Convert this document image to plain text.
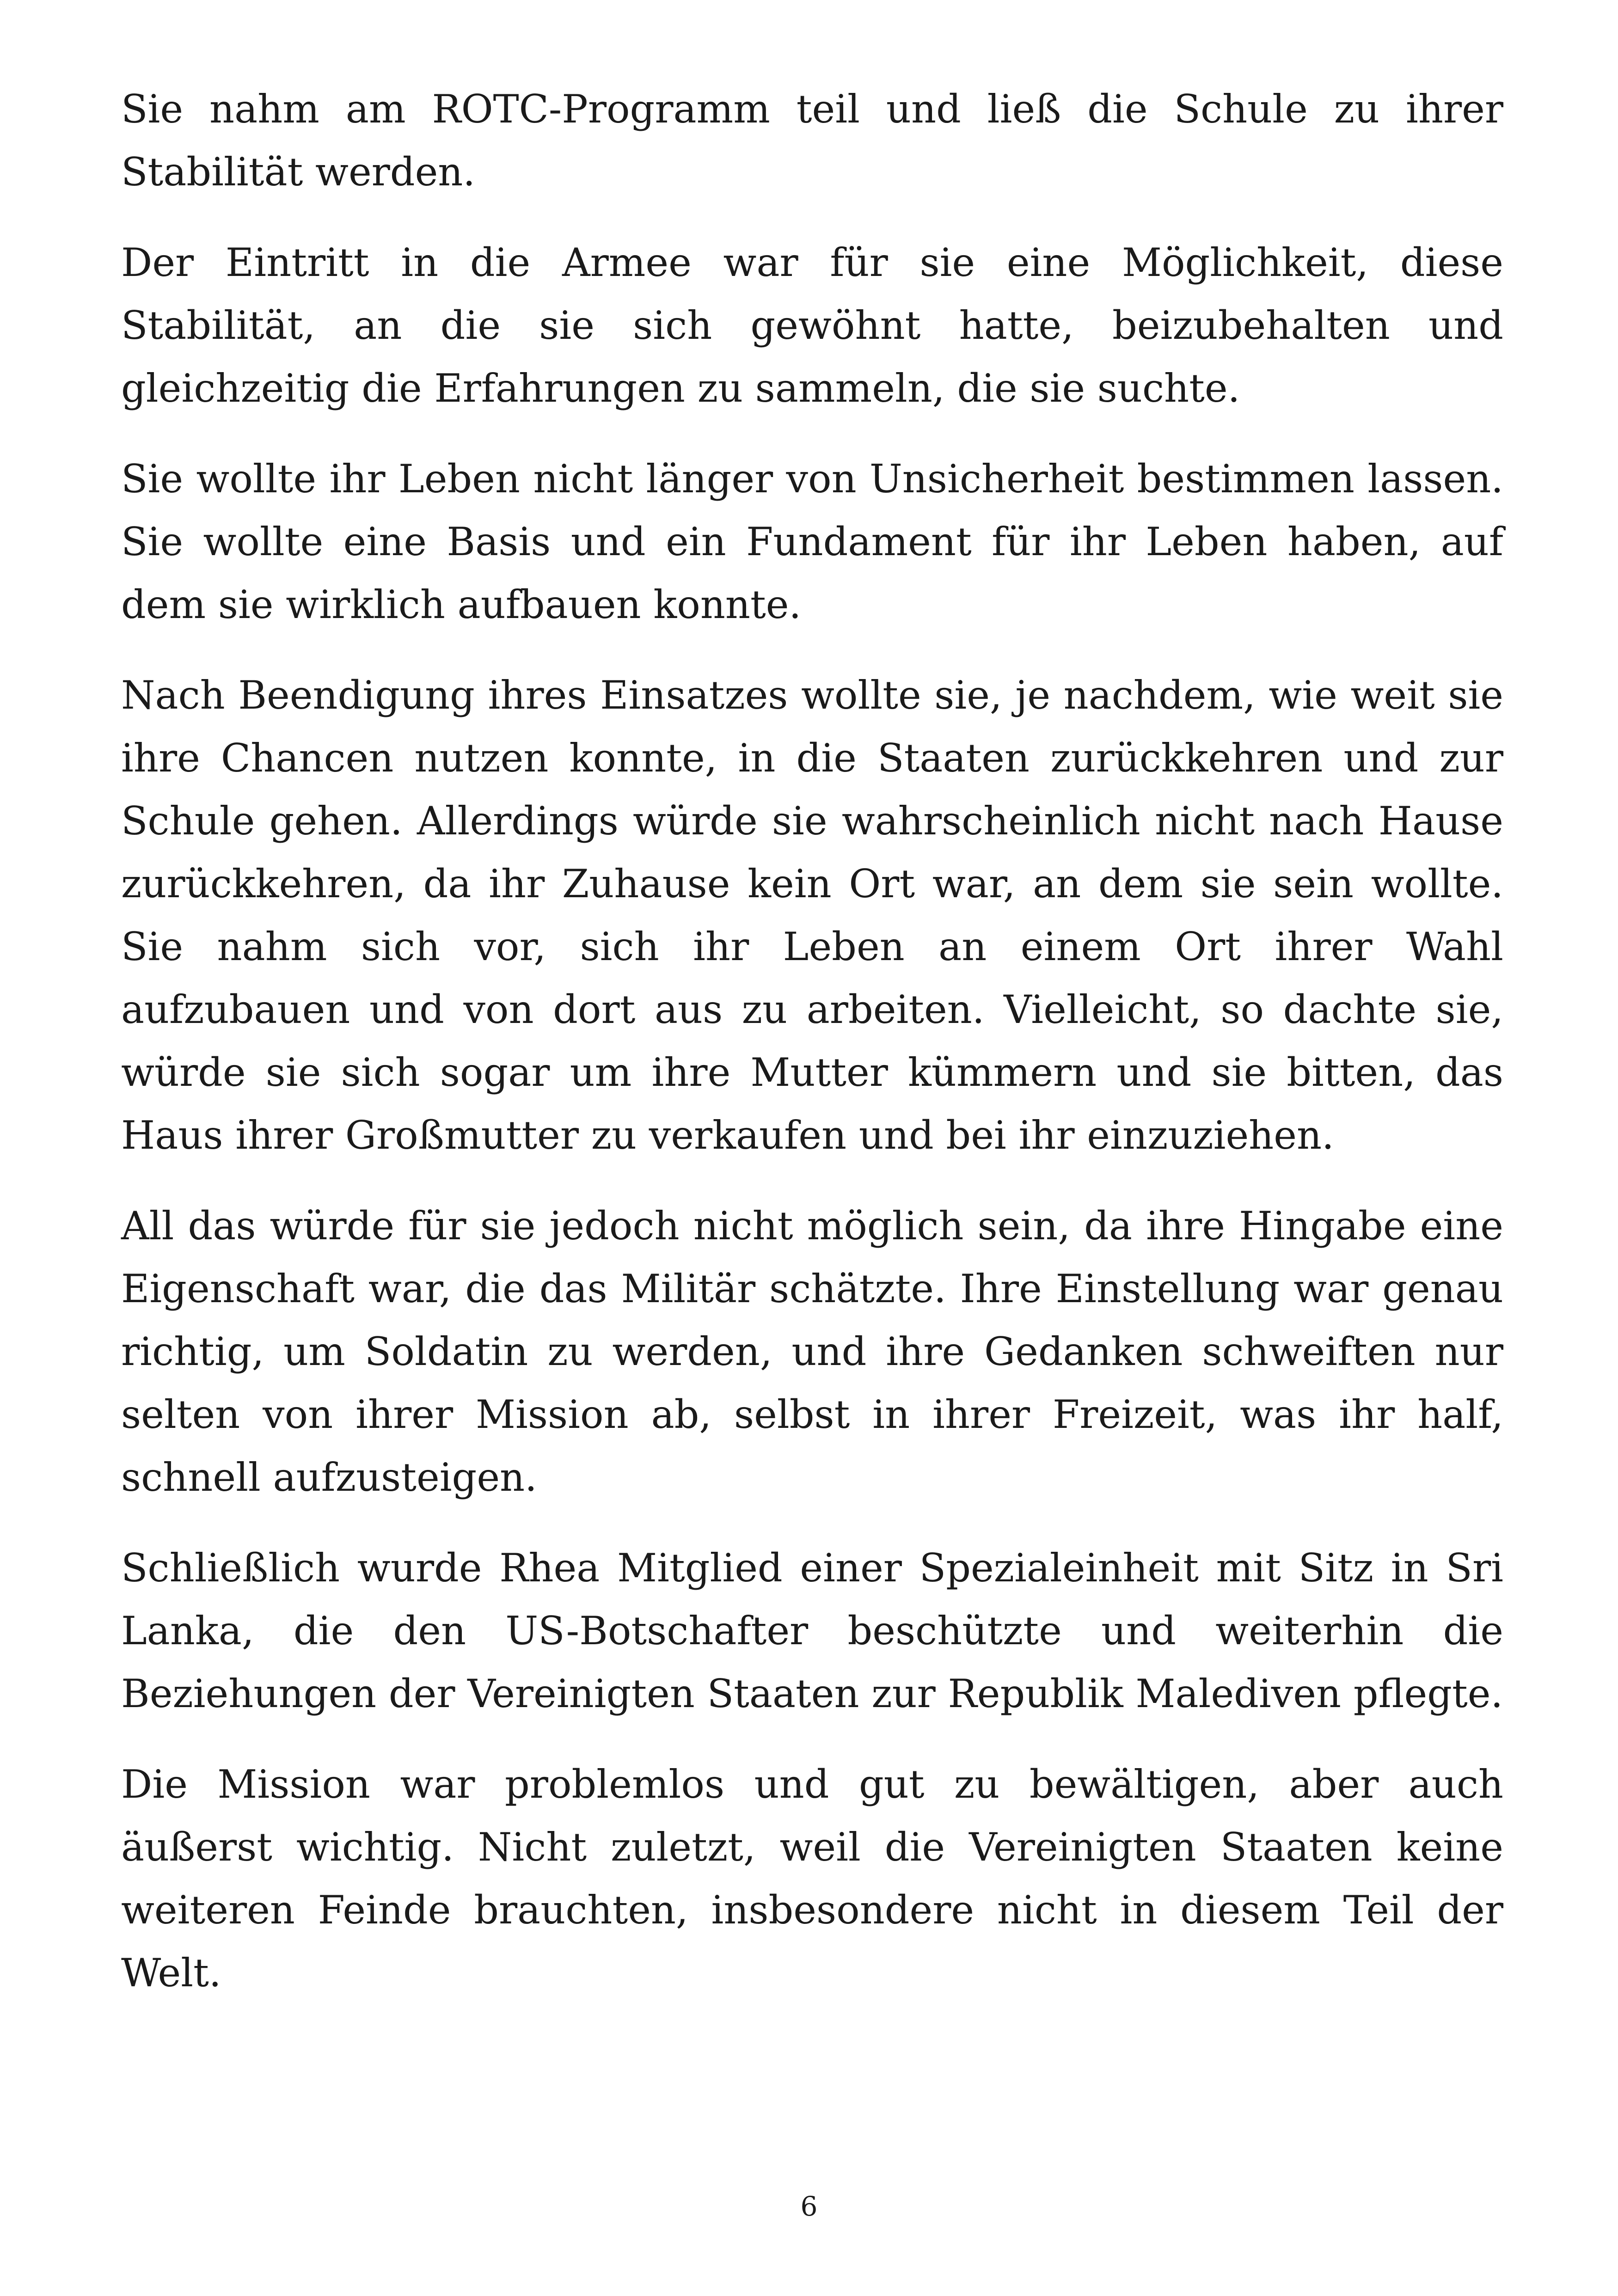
Sie nahm am ROTC-Programm teil und ließ die Schule zu ihrer Stabilität werden.

Der Eintritt in die Armee war für sie eine Möglichkeit, diese Stabilität, an die sie sich gewöhnt hatte, beizubehalten und gleichzeitig die Erfahrungen zu sammeln, die sie suchte.

Sie wollte ihr Leben nicht länger von Unsicherheit bestimmen lassen. Sie wollte eine Basis und ein Fundament für ihr Leben haben, auf dem sie wirklich aufbauen konnte.

Nach Beendigung ihres Einsatzes wollte sie, je nachdem, wie weit sie ihre Chancen nutzen konnte, in die Staaten zurückkehren und zur Schule gehen. Allerdings würde sie wahrscheinlich nicht nach Hause zurückkehren, da ihr Zuhause kein Ort war, an dem sie sein wollte. Sie nahm sich vor, sich ihr Leben an einem Ort ihrer Wahl aufzubauen und von dort aus zu arbeiten. Vielleicht, so dachte sie, würde sie sich sogar um ihre Mutter kümmern und sie bitten, das Haus ihrer Großmutter zu verkaufen und bei ihr einzuziehen.

All das würde für sie jedoch nicht möglich sein, da ihre Hingabe eine Eigenschaft war, die das Militär schätzte. Ihre Einstellung war genau richtig, um Soldatin zu werden, und ihre Gedanken schweiften nur selten von ihrer Mission ab, selbst in ihrer Freizeit, was ihr half, schnell aufzusteigen.

Schließlich wurde Rhea Mitglied einer Spezialeinheit mit Sitz in Sri Lanka, die den US-Botschafter beschützte und weiterhin die Beziehungen der Vereinigten Staaten zur Republik Malediven pflegte.

Die Mission war problemlos und gut zu bewältigen, aber auch äußerst wichtig. Nicht zuletzt, weil die Vereinigten Staaten keine weiteren Feinde brauchten, insbesondere nicht in diesem Teil der Welt.

6
